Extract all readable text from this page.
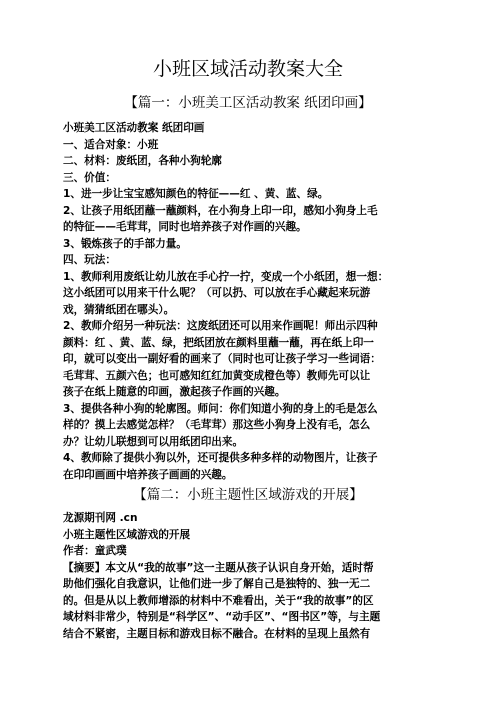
小班区域活动教案大全
【篇一：小班美工区活动教案 纸团印画】
小班美工区活动教案 纸团印画
一、适合对象：小班
二、材料：废纸团，各种小狗轮廓
三、价值：
1、进一步让宝宝感知颜色的特征——红 、黄、蓝、绿。
2、让孩子用纸团蘸一蘸颜料，在小狗身上印一印，感知小狗身上毛
的特征——毛茸茸，同时也培养孩子对作画的兴趣。
3、锻炼孩子的手部力量。
四、玩法：
1、教师利用废纸让幼儿放在手心拧一拧，变成一个小纸团，想一想：
这小纸团可以用来干什么呢？（可以扔、可以放在手心藏起来玩游
戏，猜猜纸团在哪头）。
2、教师介绍另一种玩法：这废纸团还可以用来作画呢！师出示四种
颜料：红 、黄、蓝、绿，把纸团放在颜料里蘸一蘸，再在纸上印一
印，就可以变出一副好看的画来了（同时也可让孩子学习一些词语：
毛茸茸、五颜六色；也可感知红红加黄变成橙色等）教师先可以让
孩子在纸上随意的印画，激起孩子作画的兴趣。
3、提供各种小狗的轮廓图。师问：你们知道小狗的身上的毛是怎么
样的？摸上去感觉怎样？（毛茸茸）那这些小狗身上没有毛，怎么
办？让幼儿联想到可以用纸团印出来。
4、教师除了提供小狗以外，还可提供多种多样的动物图片，让孩子
在印印画画中培养孩子画画的兴趣。
【篇二：小班主题性区域游戏的开展】
龙源期刊网 .cn
小班主题性区域游戏的开展
作者：童武璞
【摘要】本文从“我的故事”这一主题从孩子认识自身开始，适时帮
助他们强化自我意识，让他们进一步了解自己是独特的、独一无二
的。但是从以上教师增添的材料中不难看出，关于“我的故事”的区
域材料非常少，特别是“科学区”、“动手区”、“图书区”等，与主题
结合不紧密，主题目标和游戏目标不融合。在材料的呈现上虽然有
